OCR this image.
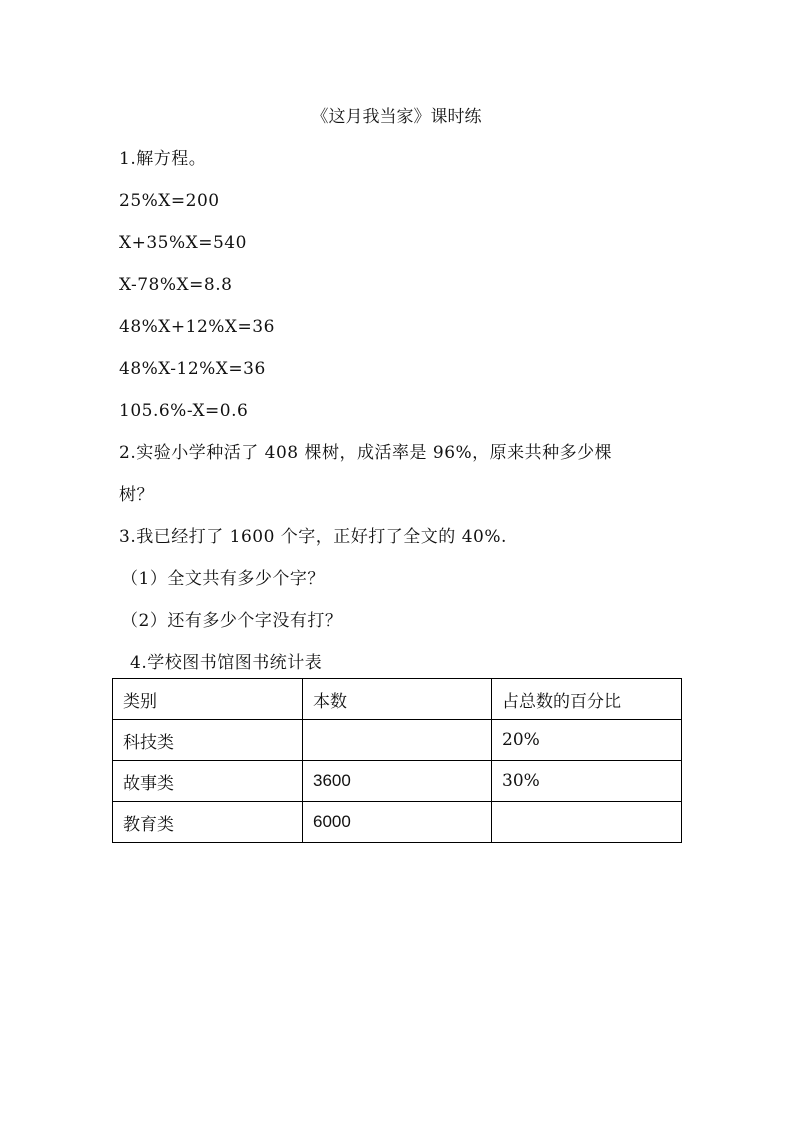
《这月我当家》课时练
1.解方程。
25%X=200
X+35%X=540
X-78%X=8.8
48%X+12%X=36
48%X-12%X=36
105.6%-X=0.6
2.实验小学种活了 408 棵树，成活率是 96%，原来共种多少棵
树？
3.我已经打了 1600 个字，正好打了全文的 40%.
（1）全文共有多少个字？
（2）还有多少个字没有打？
4.学校图书馆图书统计表
类别	本数	占总数的百分比
科技类		20%
故事类	3600	30%
教育类	6000	
